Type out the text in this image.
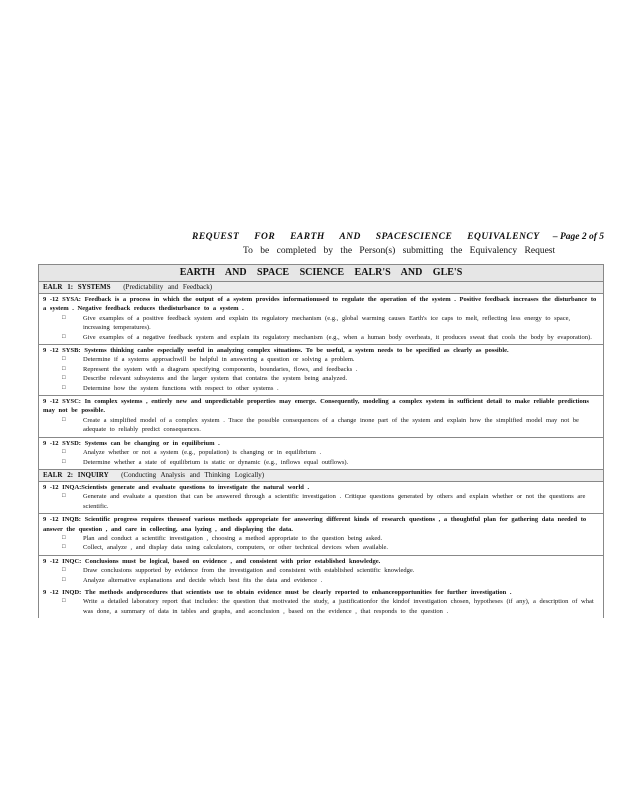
REQUEST FOR EARTH AND SPACESCIENCE EQUIVALENCY – Page 2 of 5
To be completed by the Person(s) submitting the Equivalency Request
EARTH AND SPACE SCIENCE EALR'S AND GLE'S
EALR 1: SYSTEMS (Predictability and Feedback)
9 -12 SYSA: Feedback is a process in which the output of a system provides informationused to regulate the operation of the system . Positive feedback increases the disturbance to a system . Negative feedback reduces thedisturbance to a system .
□	Give examples of a positive feedback system and explain its regulatory mechanism (e.g., global warming causes Earth's ice caps to melt, reflecting less energy to space, increasing temperatures).
□	Give examples of a negative feedback system and explain its regulatory mechanism (e.g., when a human body overheats, it produces sweat that cools the body by evaporation).
9 -12 SYSB: Systems thinking canbe especially useful in analyzing complex situations. To be useful, a system needs to be specified as clearly as possible.
□	Determine if a systems approachwill be helpful in answering a question or solving a problem.
□	Represent the system with a diagram specifying components, boundaries, flows, and feedbacks .
□	Describe relevant subsystems and the larger system that contains the system being analyzed.
□	Determine how the system functions with respect to other systems .
9 -12 SYSC: In complex systems , entirely new and unpredictable properties may emerge. Consequently, modeling a complex system in sufficient detail to make reliable predictions may not be possible.
□	Create a simplified model of a complex system . Trace the possible consequences of a change inone part of the system and explain how the simplified model may not be adequate to reliably predict consequences.
9 -12 SYSD: Systems can be changing or in equilibrium .
□	Analyze whether or not a system (e.g., population) is changing or in equilibrium .
□	Determine whether a state of equilibrium is static or dynamic (e.g., inflows equal outflows).
EALR 2: INQUIRY (Conducting Analysis and Thinking Logically)
9 -12 INQA:Scientists generate and evaluate questions to investigate the natural world .
□	Generate and evaluate a question that can be answered through a scientific investigation . Critique questions generated by others and explain whether or not the questions are scientific.
9 -12 INQB: Scientific progress requires theuseof various methods appropriate for answering different kinds of research questions , a thoughtful plan for gathering data needed to answer the question , and care in collecting, ana lyzing , and displaying the data.
□	Plan and conduct a scientific investigation , choosing a method appropriate to the question being asked.
□	Collect, analyze , and display data using calculators, computers, or other technical devices when available.
9 -12 INQC: Conclusions must be logical, based on evidence , and consistent with prior established knowledge.
□	Draw conclusions supported by evidence from the investigation and consistent with established scientific knowledge.
□	Analyze alternative explanations and decide which best fits the data and evidence .
9 -12 INQD: The methods andprocedures that scientists use to obtain evidence must be clearly reported to enhanceopportunities for further investigation .
□	Write a detailed laboratory report that includes: the question that motivated the study, a justificationfor the kindof investigation chosen, hypotheses (if any), a description of what was done, a summary of data in tables and graphs, and aconclusion , based on the evidence , that responds to the question .
